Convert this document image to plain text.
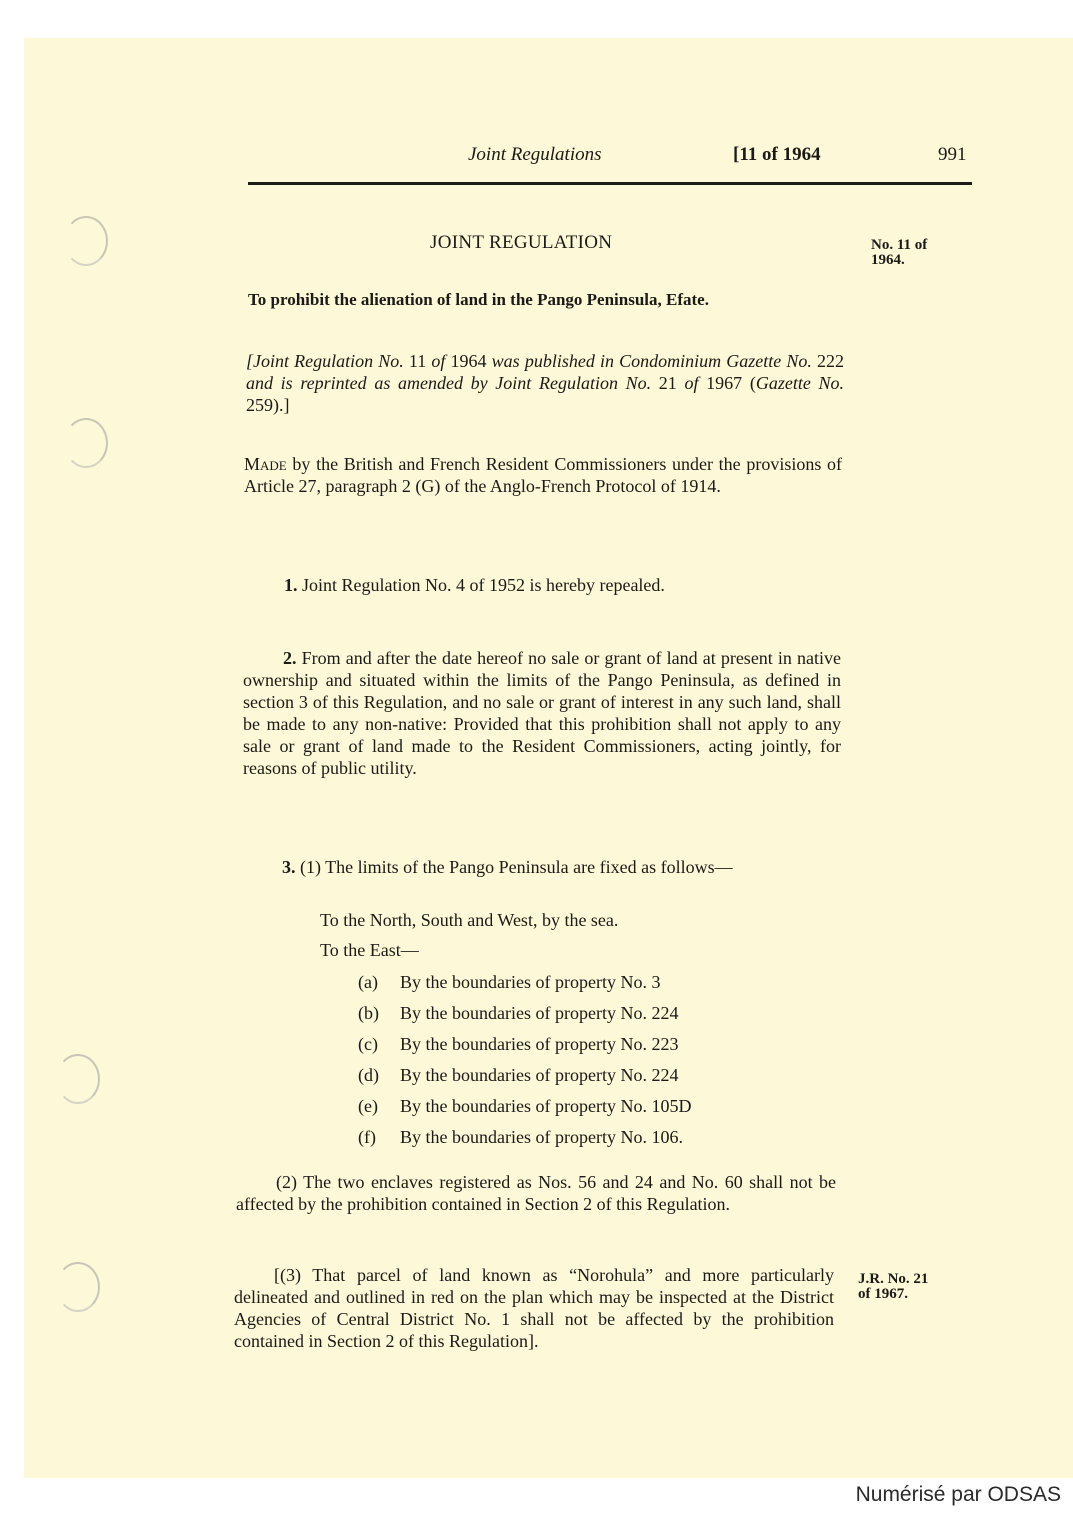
Joint Regulations	[11 of 1964	991
JOINT REGULATION	No. 11 of
1964.
To prohibit the alienation of land in the Pango Peninsula, Efate.
[Joint Regulation No. 11 of 1964 was published in Condominium Gazette No. 222 and is reprinted as amended by Joint Regulation No. 21 of 1967 (Gazette No. 259).]
Made by the British and French Resident Commissioners under the provisions of Article 27, paragraph 2 (G) of the Anglo-French Protocol of 1914.
1. Joint Regulation No. 4 of 1952 is hereby repealed.
2. From and after the date hereof no sale or grant of land at present in native ownership and situated within the limits of the Pango Peninsula, as defined in section 3 of this Regulation, and no sale or grant of interest in any such land, shall be made to any non-native: Provided that this prohibition shall not apply to any sale or grant of land made to the Resident Commissioners, acting jointly, for reasons of public utility.
3. (1) The limits of the Pango Peninsula are fixed as follows—
To the North, South and West, by the sea.
To the East—
(a) By the boundaries of property No. 3
(b) By the boundaries of property No. 224
(c) By the boundaries of property No. 223
(d) By the boundaries of property No. 224
(e) By the boundaries of property No. 105D
(f) By the boundaries of property No. 106.
(2) The two enclaves registered as Nos. 56 and 24 and No. 60 shall not be affected by the prohibition contained in Section 2 of this Regulation.
[(3) That parcel of land known as “Norohula” and more particularly delineated and outlined in red on the plan which may be inspected at the District Agencies of Central District No. 1 shall not be affected by the prohibition contained in Section 2 of this Regulation].
J.R. No. 21
of 1967.
Numérisé par ODSAS
